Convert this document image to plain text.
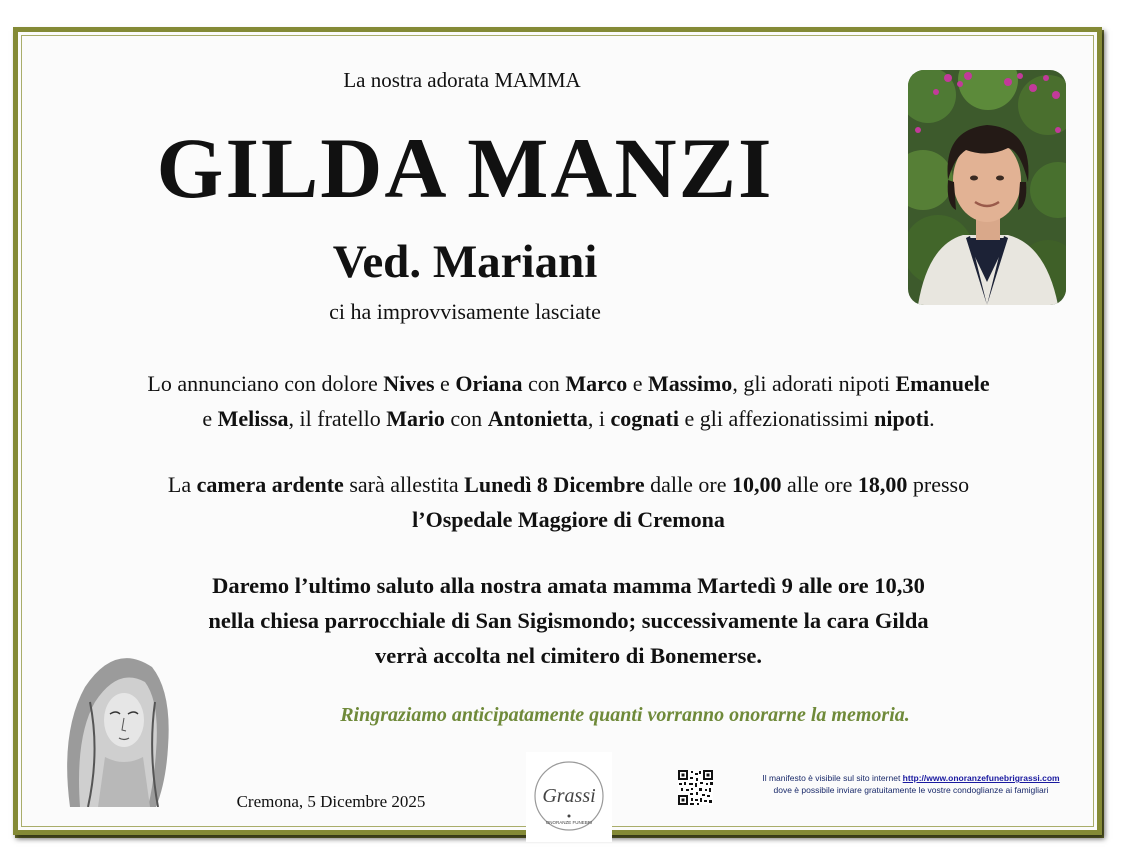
La nostra adorata MAMMA
GILDA MANZI
Ved. Mariani
ci ha improvvisamente lasciate
Lo annunciano con dolore Nives e Oriana con Marco e Massimo, gli adorati nipoti Emanuele
e Melissa, il fratello Mario con Antonietta, i cognati e gli affezionatissimi nipoti.
La camera ardente sarà allestita Lunedì 8 Dicembre dalle ore 10,00 alle ore 18,00 presso
l’Ospedale Maggiore di Cremona
Daremo l’ultimo saluto alla nostra amata mamma Martedì 9 alle ore 10,30
nella chiesa parrocchiale di San Sigismondo; successivamente la cara Gilda
verrà accolta nel cimitero di Bonemerse.
Ringraziamo anticipatamente quanti vorranno onorarne la memoria.
Cremona, 5 Dicembre 2025	Grassi
ONORANZE FUNEBRI
Il manifesto è visibile sul sito internet http://www.onoranzefunebrigrassi.com
dove è possibile inviare gratuitamente le vostre condoglianze ai famigliari
